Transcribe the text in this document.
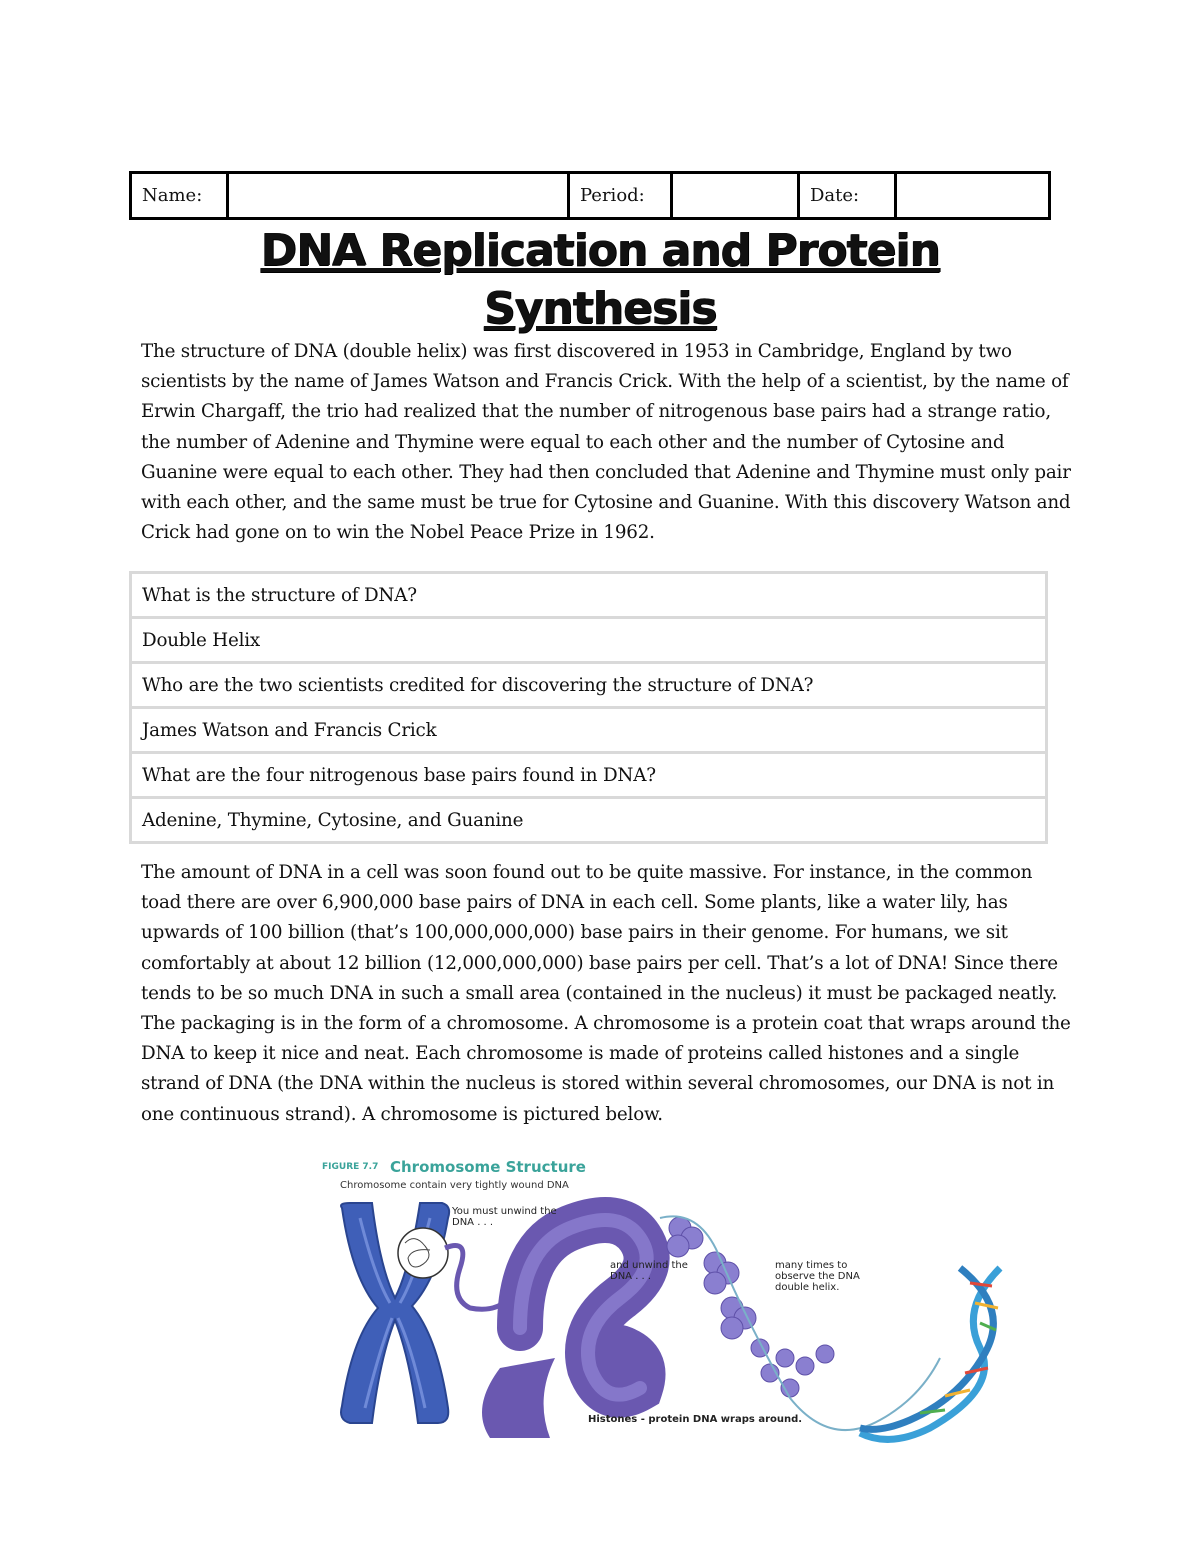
Name:		Period:		Date:	
DNA Replication and Protein
Synthesis

The structure of DNA (double helix) was first discovered in 1953 in Cambridge, England by two scientists by the name of James Watson and Francis Crick. With the help of a scientist, by the name of Erwin Chargaff, the trio had realized that the number of nitrogenous base pairs had a strange ratio, the number of Adenine and Thymine were equal to each other and the number of Cytosine and Guanine were equal to each other. They had then concluded that Adenine and Thymine must only pair with each other, and the same must be true for Cytosine and Guanine. With this discovery Watson and Crick had gone on to win the Nobel Peace Prize in 1962.

What is the structure of DNA?
Double Helix
Who are the two scientists credited for discovering the structure of DNA?
James Watson and Francis Crick
What are the four nitrogenous base pairs found in DNA?
Adenine, Thymine, Cytosine, and Guanine

The amount of DNA in a cell was soon found out to be quite massive. For instance, in the common toad there are over 6,900,000 base pairs of DNA in each cell. Some plants, like a water lily, has upwards of 100 billion (that’s 100,000,000,000) base pairs in their genome. For humans, we sit comfortably at about 12 billion (12,000,000,000) base pairs per cell. That’s a lot of DNA! Since there tends to be so much DNA in such a small area (contained in the nucleus) it must be packaged neatly. The packaging is in the form of a chromosome. A chromosome is a protein coat that wraps around the DNA to keep it nice and neat. Each chromosome is made of proteins called histones and a single strand of DNA (the DNA within the nucleus is stored within several chromosomes, our DNA is not in one continuous strand). A chromosome is pictured below.

FIGURE 7.7 Chromosome Structure
Chromosome contain very tightly wound DNA
You must unwind the DNA . . .
and unwind the DNA . . .
many times to observe the DNA double helix.
Histones - protein DNA wraps around.
